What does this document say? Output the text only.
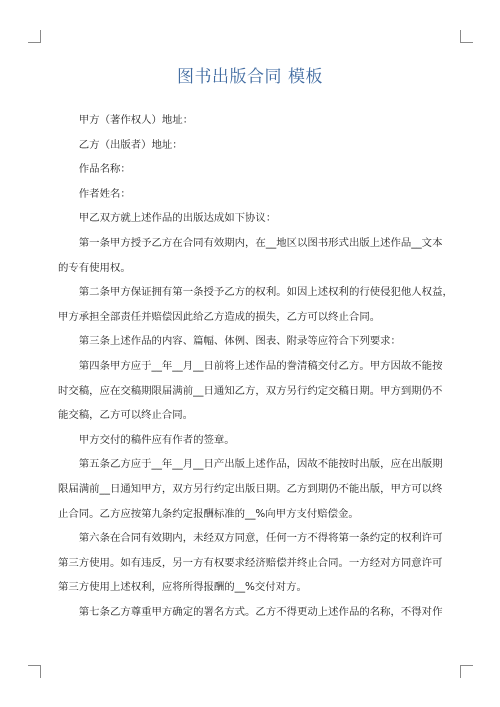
图书出版合同 模板
甲方（著作权人）地址：
乙方（出版者）地址：
作品名称：
作者姓名：
甲乙双方就上述作品的出版达成如下协议：
第一条甲方授予乙方在合同有效期内，在__地区以图书形式出版上述作品__文本
的专有使用权。
第二条甲方保证拥有第一条授予乙方的权利。如因上述权利的行使侵犯他人权益，
甲方承担全部责任并赔偿因此给乙方造成的损失，乙方可以终止合同。
第三条上述作品的内容、篇幅、体例、图表、附录等应符合下列要求：
第四条甲方应于__年__月__日前将上述作品的誊清稿交付乙方。甲方因故不能按
时交稿，应在交稿期限届满前__日通知乙方，双方另行约定交稿日期。甲方到期仍不
能交稿，乙方可以终止合同。
甲方交付的稿件应有作者的签章。
第五条乙方应于__年__月__日产出版上述作品，因故不能按时出版，应在出版期
限届满前__日通知甲方，双方另行约定出版日期。乙方到期仍不能出版，甲方可以终
止合同。乙方应按第九条约定报酬标准的__%向甲方支付赔偿金。
第六条在合同有效期内，未经双方同意，任何一方不得将第一条约定的权利许可
第三方使用。如有违反，另一方有权要求经济赔偿并终止合同。一方经对方同意许可
第三方使用上述权利，应将所得报酬的__%交付对方。
第七条乙方尊重甲方确定的署名方式。乙方不得更动上述作品的名称，不得对作
